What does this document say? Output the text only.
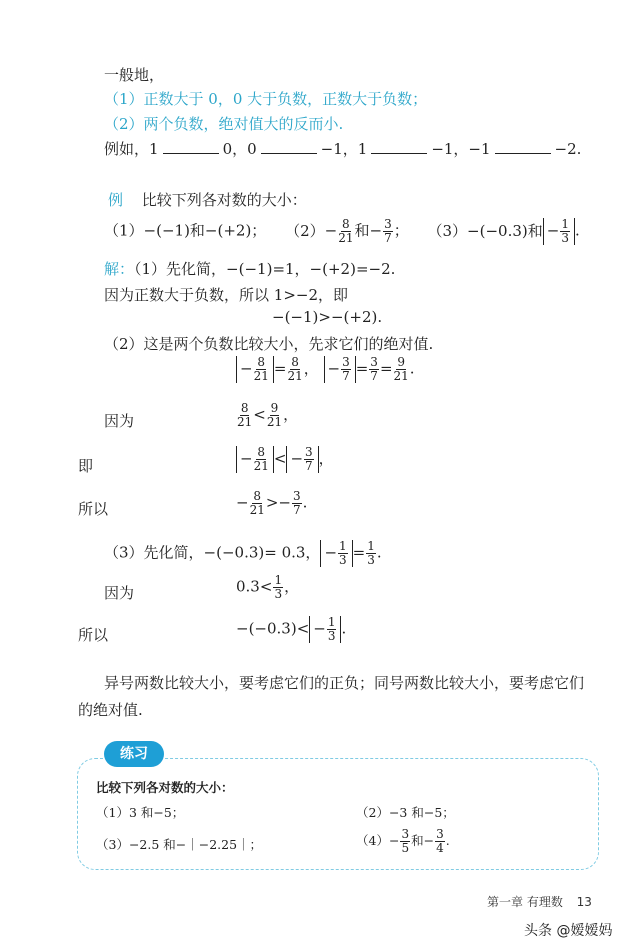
一般地，
（1）正数大于 0，0 大于负数，正数大于负数；
（2）两个负数，绝对值大的反而小.
例如，1	0，0	−1，1	−1，−1	−2.
例 比较下列各对数的大小：
（1）−(−1)和−(+2)； $(2)- \frac{8}{21}$ 和− $\frac{3}{7}$ ； （3）−(−0.3)和 − $\frac{1}{3}$ .
解：（1）先化简，−(−1)=1，−(+2)=−2.
因为正数大于负数，所以 1>−2，即
−(−1)>−(+2).
（2）这是两个负数比较大小，先求它们的绝对值.
− $\frac{8}{21} = \frac{8}{21}$ ， − $\frac{3}{7} = \frac{3}{7} = \frac{9}{21}$ .
因为	$\frac{8}{21} < \frac{9}{21}$ ，
即	− $\frac{8}{21}$ < − $\frac{3}{7}$ ，
所以	− $\frac{8}{21} >- \frac{3}{7}$ .
（3）先化简，−(−0.3)= 0.3， − $\frac{1}{3} = \frac{1}{3}$ .
因为	$0.3< \frac{1}{3}$ ，
所以	$-(-0.3)< - \frac{1}{3}$ .
异号两数比较大小，要考虑它们的正负；同号两数比较大小，要考虑它们
的绝对值.
练习
比较下列各对数的大小：
（1）3 和−5；	（2）−3 和−5；
（3）−2.5 和−｜−2.25｜；	$(4)- \frac{3}{5}$ 和− $\frac{3}{4}$ .
第一章 有理数 13
头条 @嫒嫒妈
